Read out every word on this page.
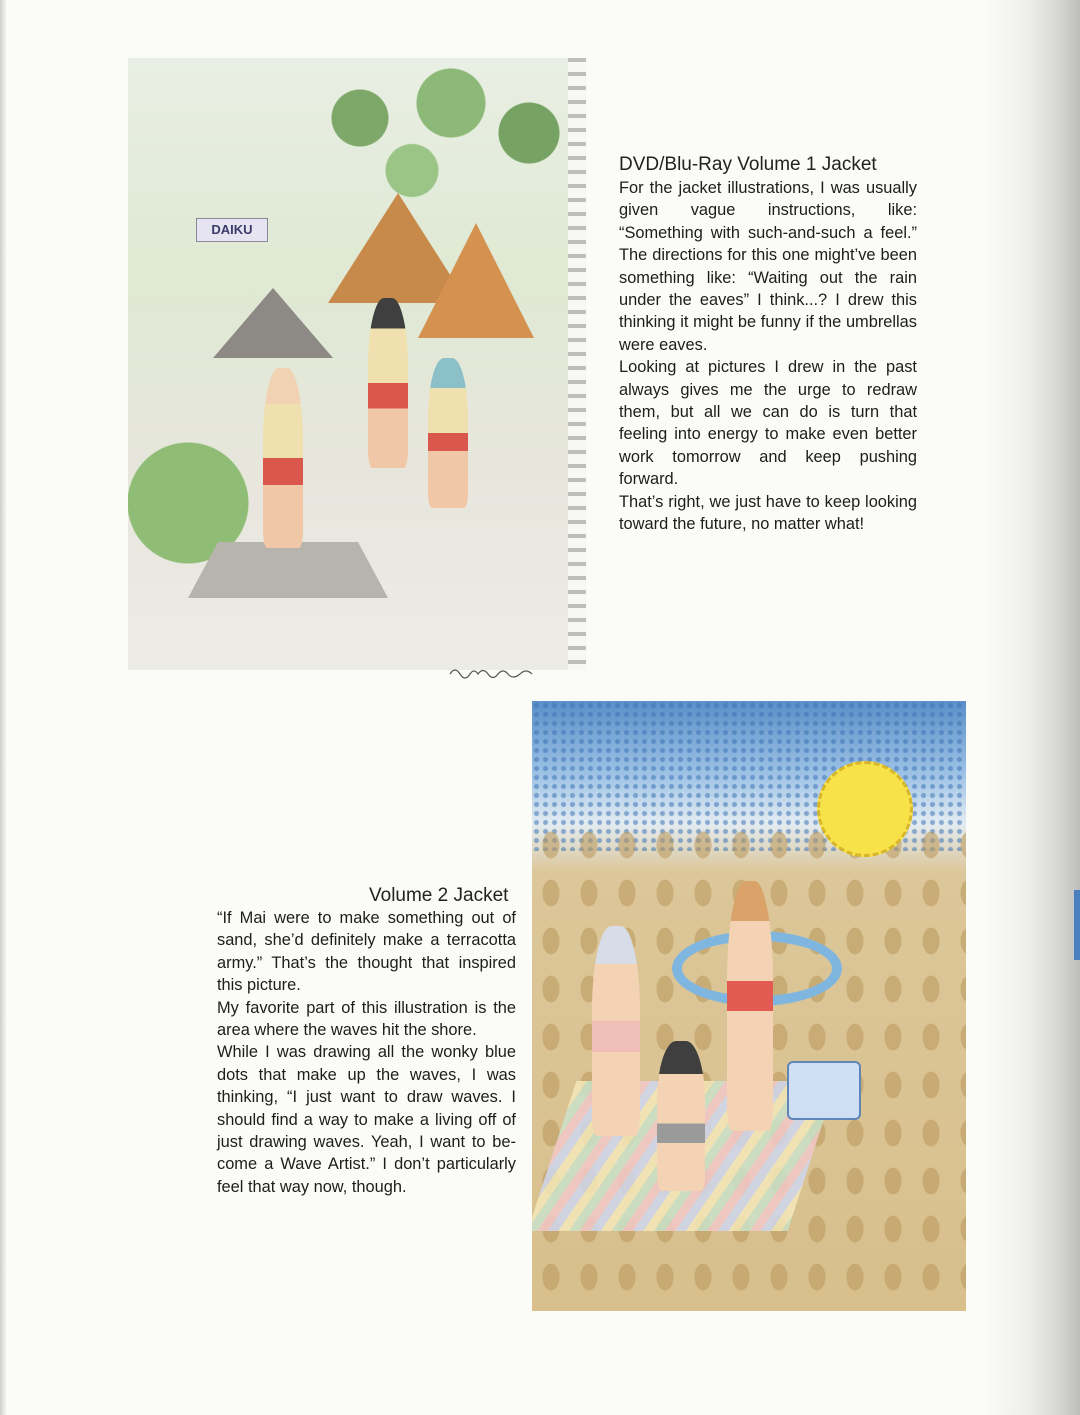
DAIKU
DVD/Blu-Ray Volume 1 Jacket

For the jacket illustrations, I was usually given vague instructions, like: “Something with such-and-such a feel.” The directions for this one might’ve been something like: “Waiting out the rain under the eaves” I think...? I drew this thinking it might be funny if the umbrellas were eaves.

Looking at pictures I drew in the past always gives me the urge to redraw them, but all we can do is turn that feeling into energy to make even better work tomorrow and keep pushing forward.

That’s right, we just have to keep looking toward the future, no matter what!

Volume 2 Jacket

“If Mai were to make something out of sand, she’d definitely make a terracotta army.” That’s the thought that inspired this picture.

My favorite part of this illustration is the area where the waves hit the shore.

While I was drawing all the wonky blue dots that make up the waves, I was thinking, “I just want to draw waves. I should find a way to make a living off of just drawing waves. Yeah, I want to become a Wave Artist.” I don’t particularly feel that way now, though.
